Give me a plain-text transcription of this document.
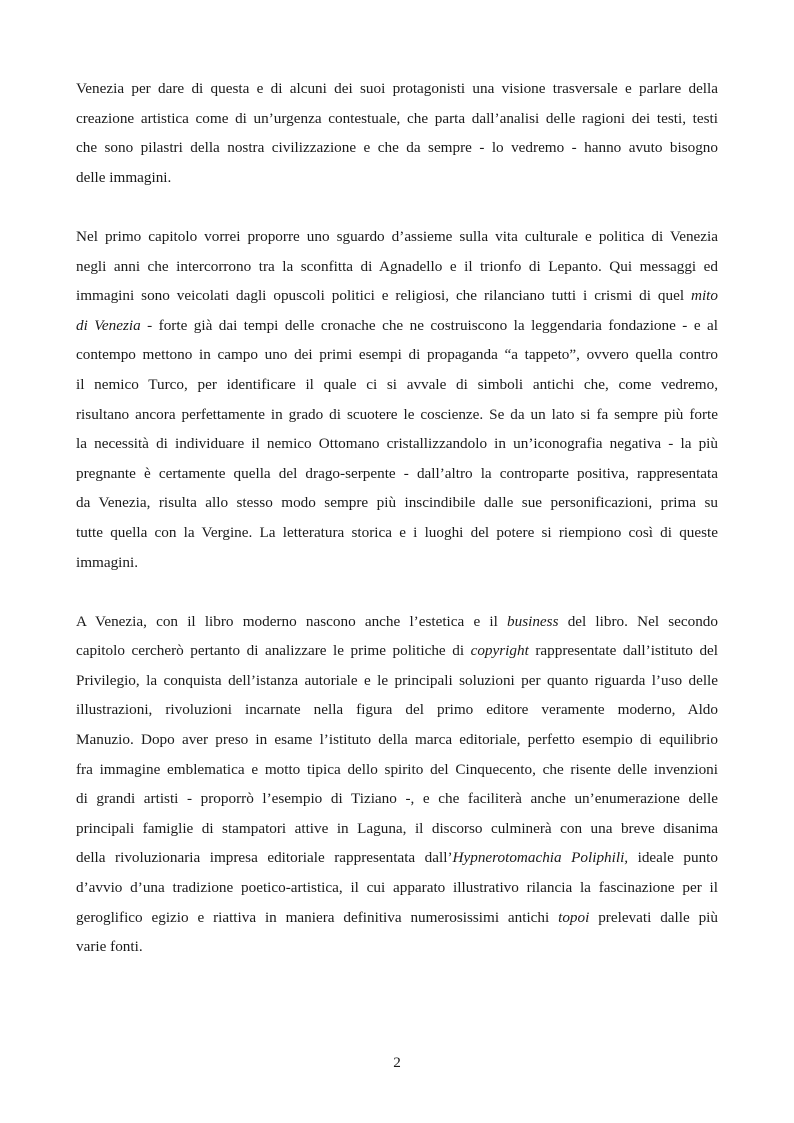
Venezia per dare di questa e di alcuni dei suoi protagonisti una visione trasversale e parlare della
creazione artistica come di un’urgenza contestuale, che parta dall’analisi delle ragioni dei testi, testi
che sono pilastri della nostra civilizzazione e che da sempre - lo vedremo - hanno avuto bisogno
delle immagini.

Nel primo capitolo vorrei proporre uno sguardo d’assieme sulla vita culturale e politica di Venezia
negli anni che intercorrono tra la sconfitta di Agnadello e il trionfo di Lepanto. Qui messaggi ed
immagini sono veicolati dagli opuscoli politici e religiosi, che rilanciano tutti i crismi di quel mito
di Venezia - forte già dai tempi delle cronache che ne costruiscono la leggendaria fondazione - e al
contempo mettono in campo uno dei primi esempi di propaganda “a tappeto”, ovvero quella contro
il nemico Turco, per identificare il quale ci si avvale di simboli antichi che, come vedremo,
risultano ancora perfettamente in grado di scuotere le coscienze. Se da un lato si fa sempre più forte
la necessità di individuare il nemico Ottomano cristallizzandolo in un’iconografia negativa - la più
pregnante è certamente quella del drago-serpente - dall’altro la controparte positiva, rappresentata
da Venezia, risulta allo stesso modo sempre più inscindibile dalle sue personificazioni, prima su
tutte quella con la Vergine. La letteratura storica e i luoghi del potere si riempiono così di queste
immagini.

A Venezia, con il libro moderno nascono anche l’estetica e il business del libro. Nel secondo
capitolo cercherò pertanto di analizzare le prime politiche di copyright rappresentate dall’istituto del
Privilegio, la conquista dell’istanza autoriale e le principali soluzioni per quanto riguarda l’uso delle
illustrazioni, rivoluzioni incarnate nella figura del primo editore veramente moderno, Aldo
Manuzio. Dopo aver preso in esame l’istituto della marca editoriale, perfetto esempio di equilibrio
fra immagine emblematica e motto tipica dello spirito del Cinquecento, che risente delle invenzioni
di grandi artisti - proporrò l’esempio di Tiziano -, e che faciliterà anche un’enumerazione delle
principali famiglie di stampatori attive in Laguna, il discorso culminerà con una breve disanima
della rivoluzionaria impresa editoriale rappresentata dall’Hypnerotomachia Poliphili, ideale punto
d’avvio d’una tradizione poetico-artistica, il cui apparato illustrativo rilancia la fascinazione per il
geroglifico egizio e riattiva in maniera definitiva numerosissimi antichi topoi prelevati dalle più
varie fonti.

2
